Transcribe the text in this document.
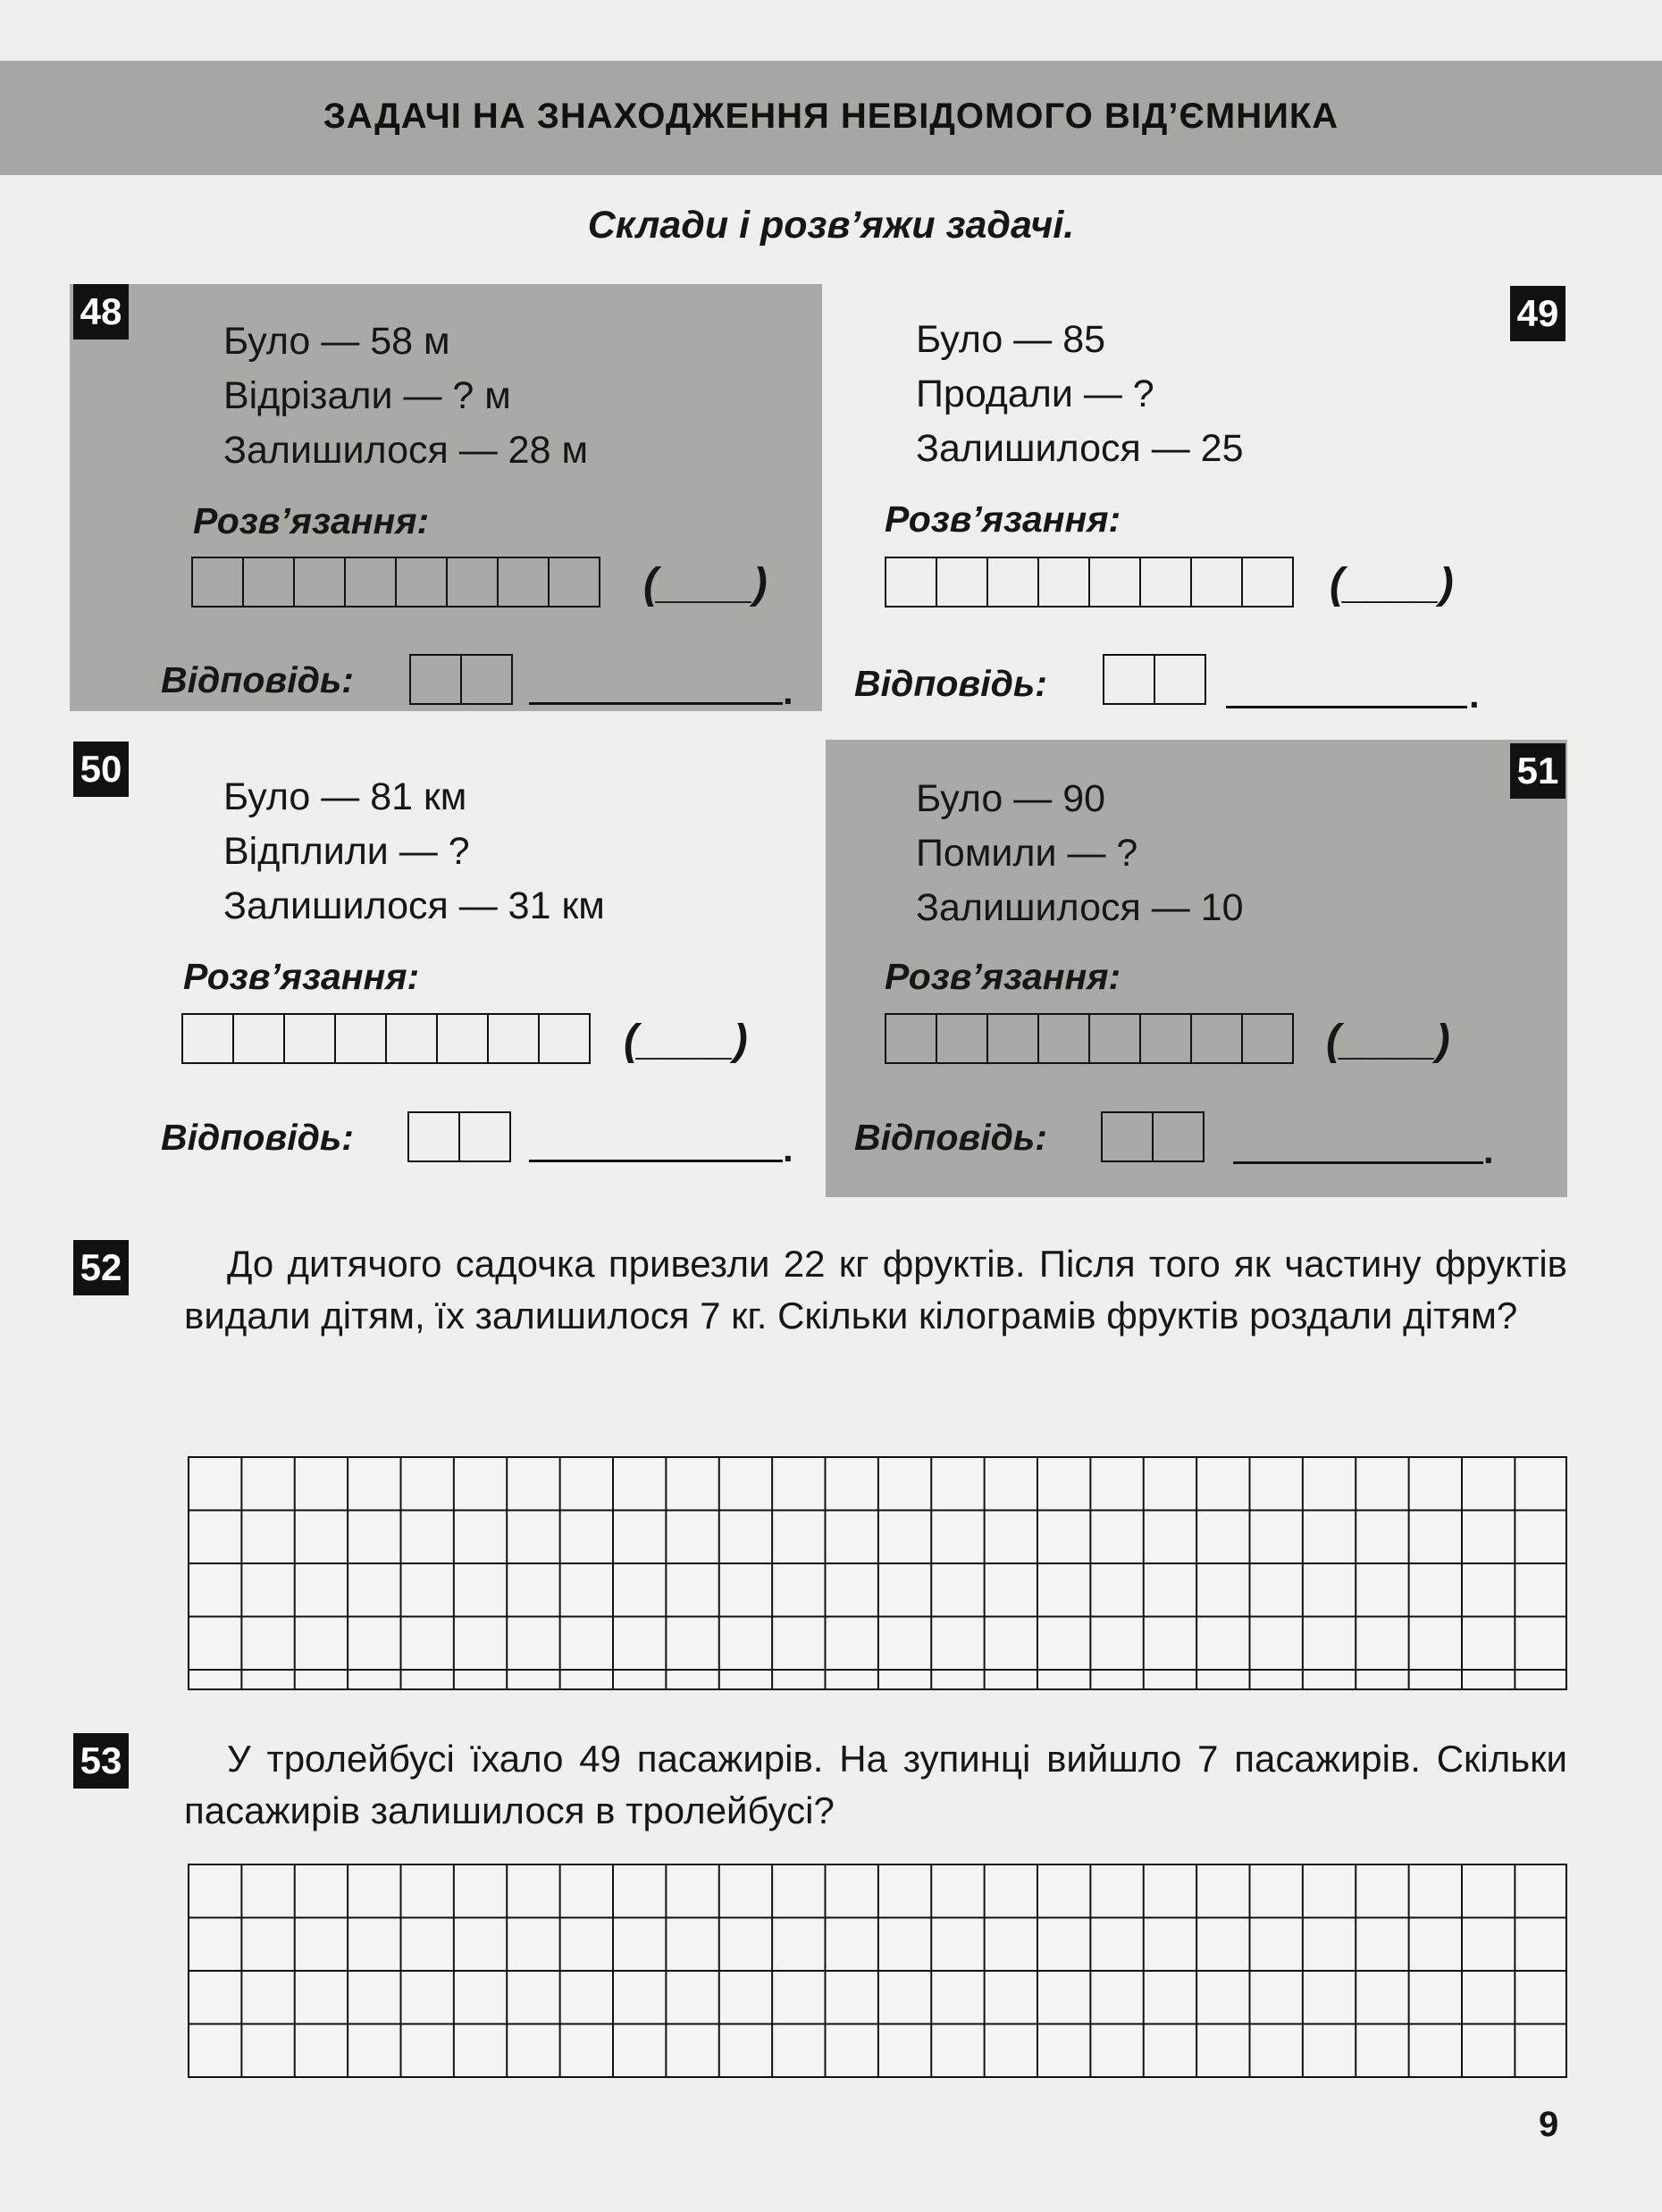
ЗАДАЧІ НА ЗНАХОДЖЕННЯ НЕВІДОМОГО ВІД’ЄМНИКА
Склади і розв’яжи задачі.
48
Було — 58 м
Відрізали — ? м
Залишилося — 28 м
Розв’язання:
(____)
Відповідь:	.
49
Було — 85
Продали — ?
Залишилося — 25
Розв’язання:
(____)
Відповідь:	.
50
Було — 81 км
Відплили — ?
Залишилося — 31 км
Розв’язання:
(____)
Відповідь:	.
51
Було — 90
Помили — ?
Залишилося — 10
Розв’язання:
(____)
Відповідь:	.
52	До дитячого садочка привезли 22 кг фруктів. Після того як частину фруктів видали дітям, їх залишилося 7 кг. Скільки кілограмів фруктів роздали дітям?
53	У тролейбусі їхало 49 пасажирів. На зупинці вийшло 7 пасажирів. Скільки пасажирів залишилося в тролейбусі?
9
